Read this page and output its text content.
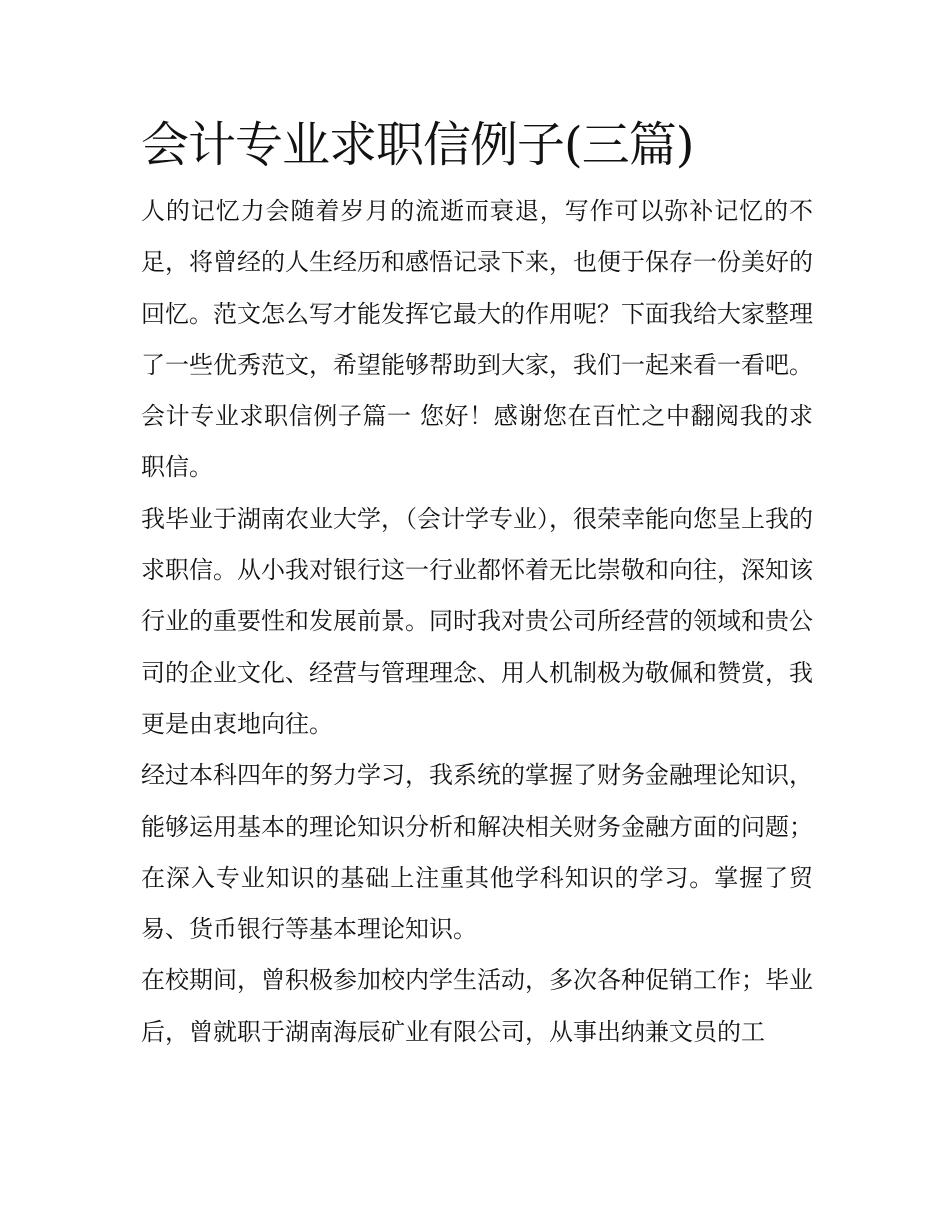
会计专业求职信例子(三篇)

人的记忆力会随着岁月的流逝而衰退，写作可以弥补记忆的不足，将曾经的人生经历和感悟记录下来，也便于保存一份美好的回忆。范文怎么写才能发挥它最大的作用呢？下面我给大家整理了一些优秀范文，希望能够帮助到大家，我们一起来看一看吧。

会计专业求职信例子篇一 您好！感谢您在百忙之中翻阅我的求职信。

我毕业于湖南农业大学，（会计学专业），很荣幸能向您呈上我的求职信。从小我对银行这一行业都怀着无比崇敬和向往，深知该行业的重要性和发展前景。同时我对贵公司所经营的领域和贵公司的企业文化、经营与管理理念、用人机制极为敬佩和赞赏，我更是由衷地向往。

经过本科四年的努力学习，我系统的掌握了财务金融理论知识，能够运用基本的理论知识分析和解决相关财务金融方面的问题；在深入专业知识的基础上注重其他学科知识的学习。掌握了贸易、货币银行等基本理论知识。

在校期间，曾积极参加校内学生活动，多次各种促销工作；毕业后，曾就职于湖南海辰矿业有限公司，从事出纳兼文员的工
